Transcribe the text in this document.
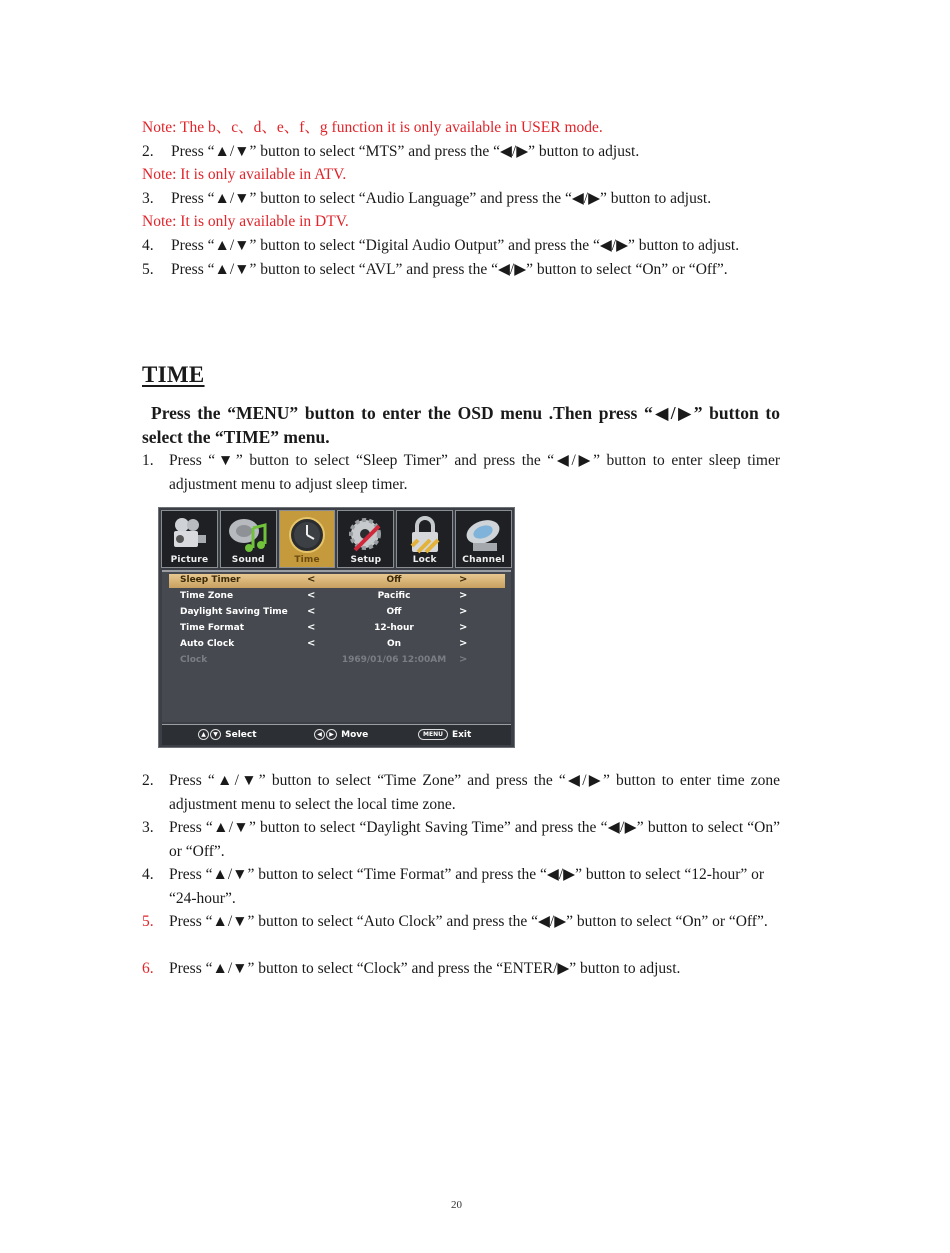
Note: The b、c、d、e、f、g function it is only available in USER mode.
2. Press “▲/▼” button to select “MTS” and press the “◀/▶” button to adjust.
Note: It is only available in ATV.
3. Press “▲/▼” button to select “Audio Language” and press the “◀/▶” button to adjust.
Note: It is only available in DTV.
4. Press “▲/▼” button to select “Digital Audio Output” and press the “◀/▶” button to adjust.
5. Press “▲/▼” button to select “AVL” and press the “◀/▶” button to select “On” or “Off”.
TIME
Press the “MENU” button to enter the OSD menu .Then press “◀/▶” button to select the “TIME” menu.
1. Press “▼” button to select “Sleep Timer” and press the “◀/▶” button to enter sleep timer adjustment menu to adjust sleep timer.
Picture	Sound	Time	Setup	Lock	Channel
Sleep Timer	<	Off	>
Time Zone	<	Pacific	>
Daylight Saving Time <	Off	>
Time Format	<	12-hour	>
Auto Clock	<	On	>
Clock	1969/01/06 12:00AM >
▲ ▼ Select	◀ ▶ Move	MENU Exit
2. Press “▲/▼” button to select “Time Zone” and press the “◀/▶” button to enter time zone adjustment menu to select the local time zone.
3. Press “▲/▼” button to select “Daylight Saving Time” and press the “◀/▶” button to select “On” or “Off”.
4. Press “▲/▼” button to select “Time Format” and press the “◀/▶” button to select “12-hour” or “24-hour”.
5. Press “▲/▼” button to select “Auto Clock” and press the “◀/▶” button to select “On” or “Off”.
6. Press “▲/▼” button to select “Clock” and press the “ENTER/▶” button to adjust.
20
